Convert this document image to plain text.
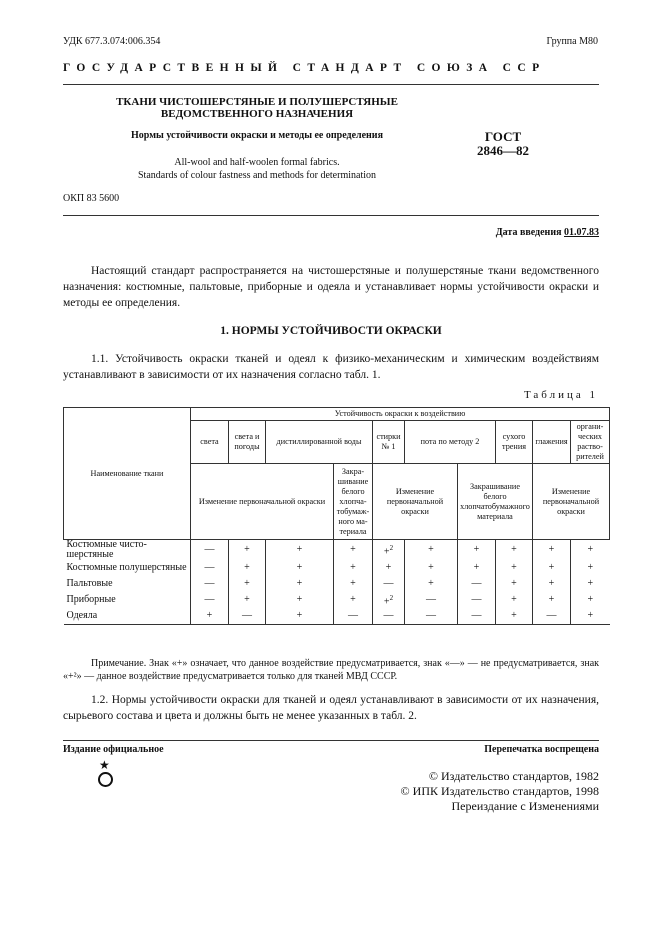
УДК 677.3.074:006.354	Группа М80
ГОСУДАРСТВЕННЫЙ СТАНДАРТ СОЮЗА ССР
ТКАНИ ЧИСТОШЕРСТЯНЫЕ И ПОЛУШЕРСТЯНЫЕ
ВЕДОМСТВЕННОГО НАЗНАЧЕНИЯ
Нормы устойчивости окраски и методы ее определения	ГОСТ
2846—82
All-wool and half-woolen formal fabrics.
Standards of colour fastness and methods for determination
ОКП 83 5600
Дата введения 01.07.83
Настоящий стандарт распространяется на чистошерстяные и полушерстяные ткани ведомственного назначения: костюмные, пальтовые, приборные и одеяла и устанавливает нормы устойчивости окраски и методы ее определения.
1. НОРМЫ УСТОЙЧИВОСТИ ОКРАСКИ
1.1. Устойчивость окраски тканей и одеял к физико-механическим и химическим воздействиям устанавливают в зависимости от их назначения согласно табл. 1.
Таблица 1
Наименование ткани	Устойчивость окраски к воздействию									
	света	света и погоды	дистиллированной воды		стирки № 1	пота по методу 2		сухого трения	глажения	органических растворителей
	Изменение первоначальной окраски			Закрашивание белого хлопчатобумажного материала	Изменение первоначальной окраски		Закрашивание белого хлопчатобумажного материала		Изменение первоначальной окраски	
Костюмные чистошерстяные	—	+	+	+	+$^2$	+	+	+	+	+
Костюмные полушерстяные	—	+	+	+	+	+	+	+	+	+
Пальтовые	—	+	+	+	—	+	—	+	+	+
Приборные	—	+	+	+	+$^2$	—	—	+	+	+
Одеяла	+	—	+	—	—	—	—	+	—	+
Примечание. Знак «+» означает, что данное воздействие предусматривается, знак «—» — не предусматривается, знак «+²» — данное воздействие предусматривается только для тканей МВД СССР.
1.2. Нормы устойчивости окраски для тканей и одеял устанавливают в зависимости от их назначения, сырьевого состава и цвета и должны быть не менее указанных в табл. 2.
Издание официальное	Перепечатка воспрещена
★
© Издательство стандартов, 1982
© ИПК Издательство стандартов, 1998
Переиздание с Изменениями
